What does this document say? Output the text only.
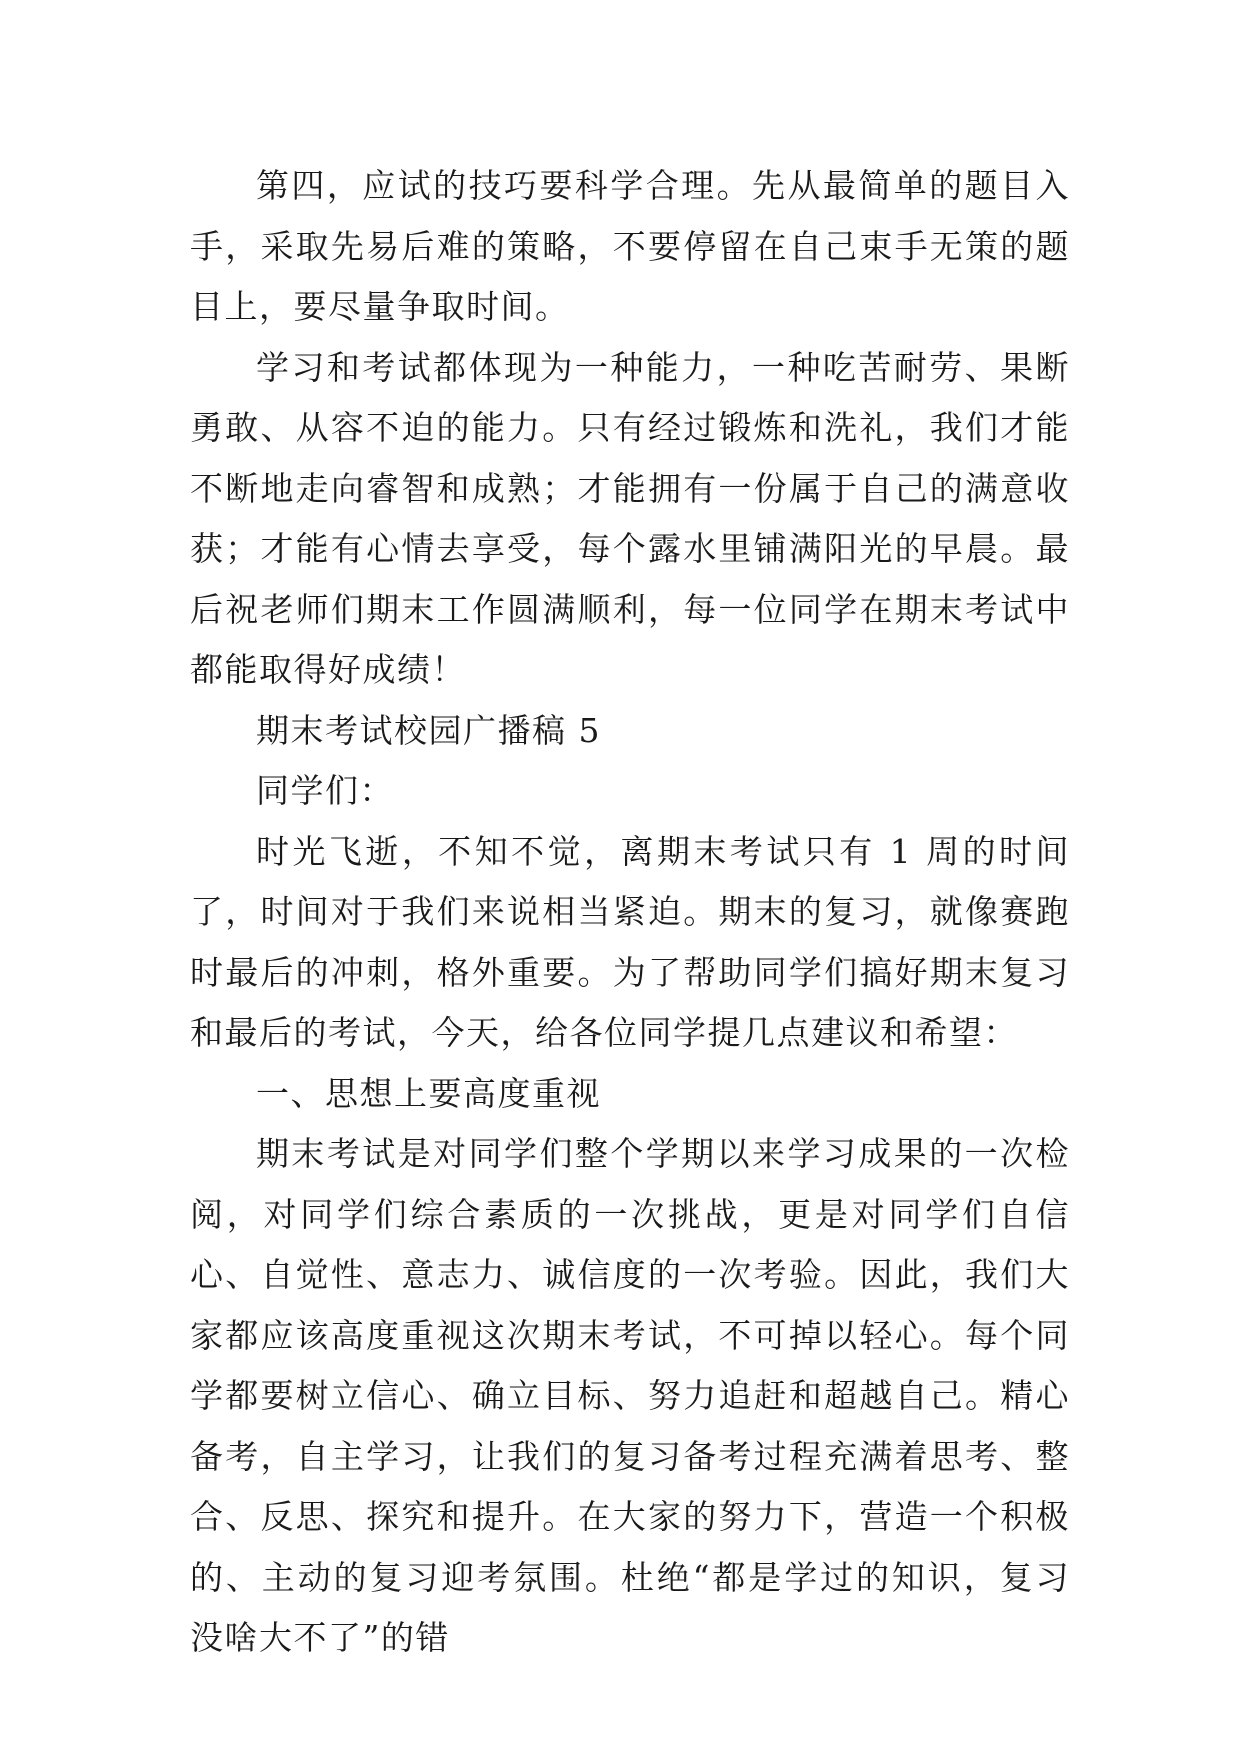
第四，应试的技巧要科学合理。先从最简单的题目入手，采取先易后难的策略，不要停留在自己束手无策的题目上，要尽量争取时间。

学习和考试都体现为一种能力，一种吃苦耐劳、果断勇敢、从容不迫的能力。只有经过锻炼和洗礼，我们才能不断地走向睿智和成熟；才能拥有一份属于自己的满意收获；才能有心情去享受，每个露水里铺满阳光的早晨。最后祝老师们期末工作圆满顺利，每一位同学在期末考试中都能取得好成绩！

期末考试校园广播稿 5

同学们：

时光飞逝，不知不觉，离期末考试只有 1 周的时间了，时间对于我们来说相当紧迫。期末的复习，就像赛跑时最后的冲刺，格外重要。为了帮助同学们搞好期末复习和最后的考试，今天，给各位同学提几点建议和希望：

一、思想上要高度重视

期末考试是对同学们整个学期以来学习成果的一次检阅，对同学们综合素质的一次挑战，更是对同学们自信心、自觉性、意志力、诚信度的一次考验。因此，我们大家都应该高度重视这次期末考试，不可掉以轻心。每个同学都要树立信心、确立目标、努力追赶和超越自己。精心备考，自主学习，让我们的复习备考过程充满着思考、整合、反思、探究和提升。在大家的努力下，营造一个积极的、主动的复习迎考氛围。杜绝“都是学过的知识，复习没啥大不了”的错
